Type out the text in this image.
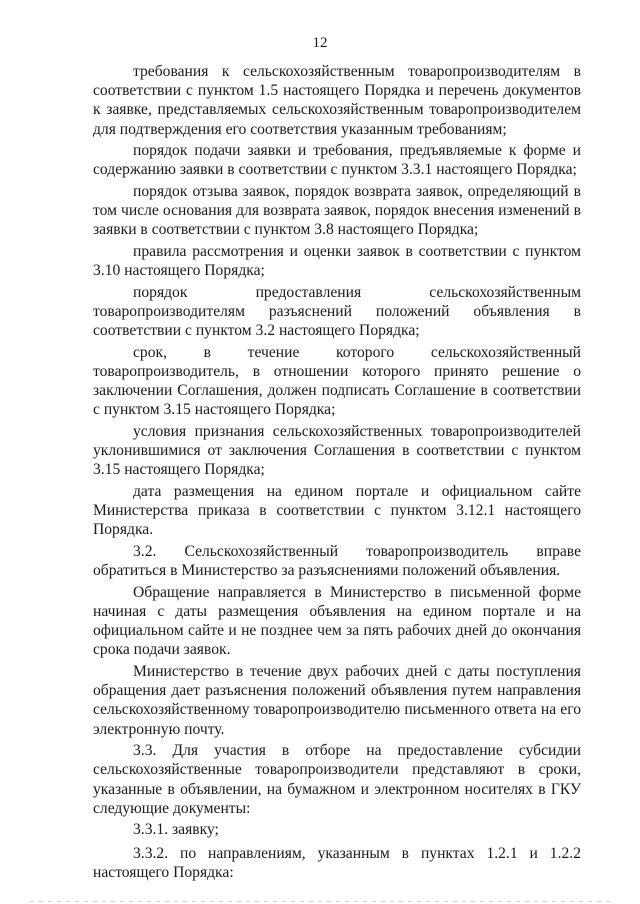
12

требования к сельскохозяйственным товаропроизводителям в соответствии с пунктом 1.5 настоящего Порядка и перечень документов к заявке, представляемых сельскохозяйственным товаропроизводителем для подтверждения его соответствия указанным требованиям;

порядок подачи заявки и требования, предъявляемые к форме и содержанию заявки в соответствии с пунктом 3.3.1 настоящего Порядка;

порядок отзыва заявок, порядок возврата заявок, определяющий в том числе основания для возврата заявок, порядок внесения изменений в заявки в соответствии с пунктом 3.8 настоящего Порядка;

правила рассмотрения и оценки заявок в соответствии с пунктом 3.10 настоящего Порядка;

порядок предоставления сельскохозяйственным товаропроизводителям разъяснений положений объявления в соответствии с пунктом 3.2 настоящего Порядка;

срок, в течение которого сельскохозяйственный товаропроизводитель, в отношении которого принято решение о заключении Соглашения, должен подписать Соглашение в соответствии с пунктом 3.15 настоящего Порядка;

условия признания сельскохозяйственных товаропроизводителей уклонившимися от заключения Соглашения в соответствии с пунктом 3.15 настоящего Порядка;

дата размещения на едином портале и официальном сайте Министерства приказа в соответствии с пунктом 3.12.1 настоящего Порядка.

3.2. Сельскохозяйственный товаропроизводитель вправе обратиться в Министерство за разъяснениями положений объявления.

Обращение направляется в Министерство в письменной форме начиная с даты размещения объявления на едином портале и на официальном сайте и не позднее чем за пять рабочих дней до окончания срока подачи заявок.

Министерство в течение двух рабочих дней с даты поступления обращения дает разъяснения положений объявления путем направления сельскохозяйственному товаропроизводителю письменного ответа на его электронную почту.

3.3. Для участия в отборе на предоставление субсидии сельскохозяйственные товаропроизводители представляют в сроки, указанные в объявлении, на бумажном и электронном носителях в ГКУ следующие документы:

3.3.1. заявку;

3.3.2. по направлениям, указанным в пунктах 1.2.1 и 1.2.2 настоящего Порядка:
